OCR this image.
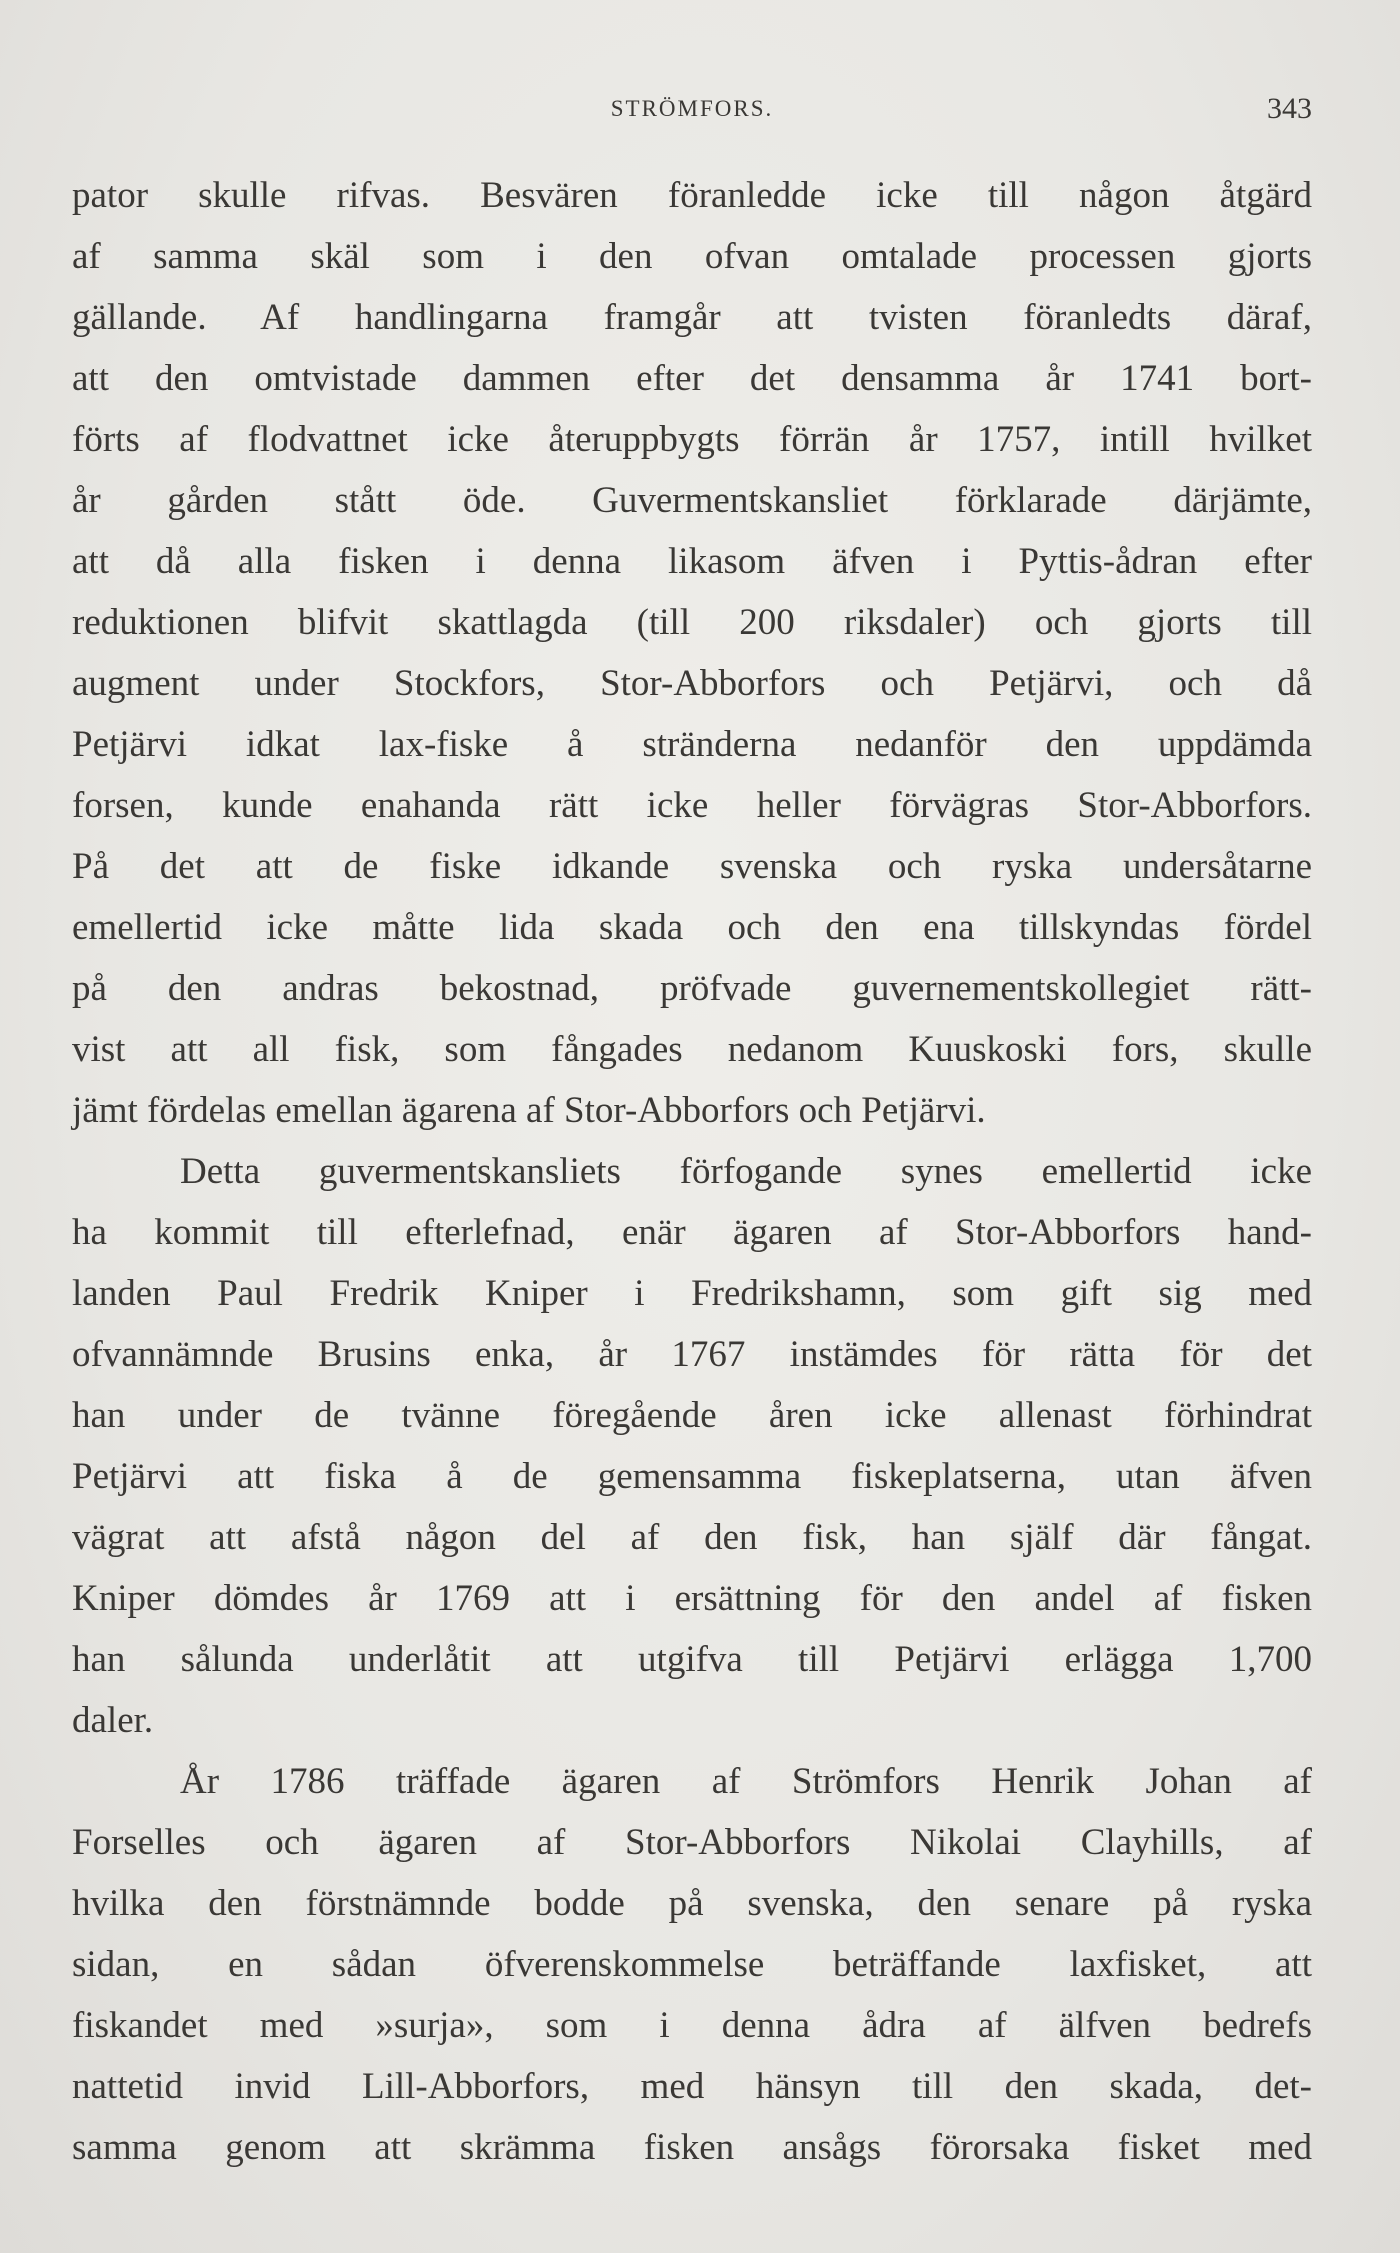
STRÖMFORS.	343
pator skulle rifvas. Besvären föranledde icke till någon åtgärd
af samma skäl som i den ofvan omtalade processen gjorts
gällande. Af handlingarna framgår att tvisten föranledts däraf,
att den omtvistade dammen efter det densamma år 1741 bort-
förts af flodvattnet icke återuppbygts förrän år 1757, intill hvilket
år gården stått öde. Guvermentskansliet förklarade därjämte,
att då alla fisken i denna likasom äfven i Pyttis-ådran efter
reduktionen blifvit skattlagda (till 200 riksdaler) och gjorts till
augment under Stockfors, Stor-Abborfors och Petjärvi, och då
Petjärvi idkat lax-fiske å stränderna nedanför den uppdämda
forsen, kunde enahanda rätt icke heller förvägras Stor-Abborfors.
På det att de fiske idkande svenska och ryska undersåtarne
emellertid icke måtte lida skada och den ena tillskyndas fördel
på den andras bekostnad, pröfvade guvernementskollegiet rätt-
vist att all fisk, som fångades nedanom Kuuskoski fors, skulle
jämt fördelas emellan ägarena af Stor-Abborfors och Petjärvi.
Detta guvermentskansliets förfogande synes emellertid icke
ha kommit till efterlefnad, enär ägaren af Stor-Abborfors hand-
landen Paul Fredrik Kniper i Fredrikshamn, som gift sig med
ofvannämnde Brusins enka, år 1767 instämdes för rätta för det
han under de tvänne föregående åren icke allenast förhindrat
Petjärvi att fiska å de gemensamma fiskeplatserna, utan äfven
vägrat att afstå någon del af den fisk, han själf där fångat.
Kniper dömdes år 1769 att i ersättning för den andel af fisken
han sålunda underlåtit att utgifva till Petjärvi erlägga 1,700
daler.
År 1786 träffade ägaren af Strömfors Henrik Johan af
Forselles och ägaren af Stor-Abborfors Nikolai Clayhills, af
hvilka den förstnämnde bodde på svenska, den senare på ryska
sidan, en sådan öfverenskommelse beträffande laxfisket, att
fiskandet med »surja», som i denna ådra af älfven bedrefs
nattetid invid Lill-Abborfors, med hänsyn till den skada, det-
samma genom att skrämma fisken ansågs förorsaka fisket med
